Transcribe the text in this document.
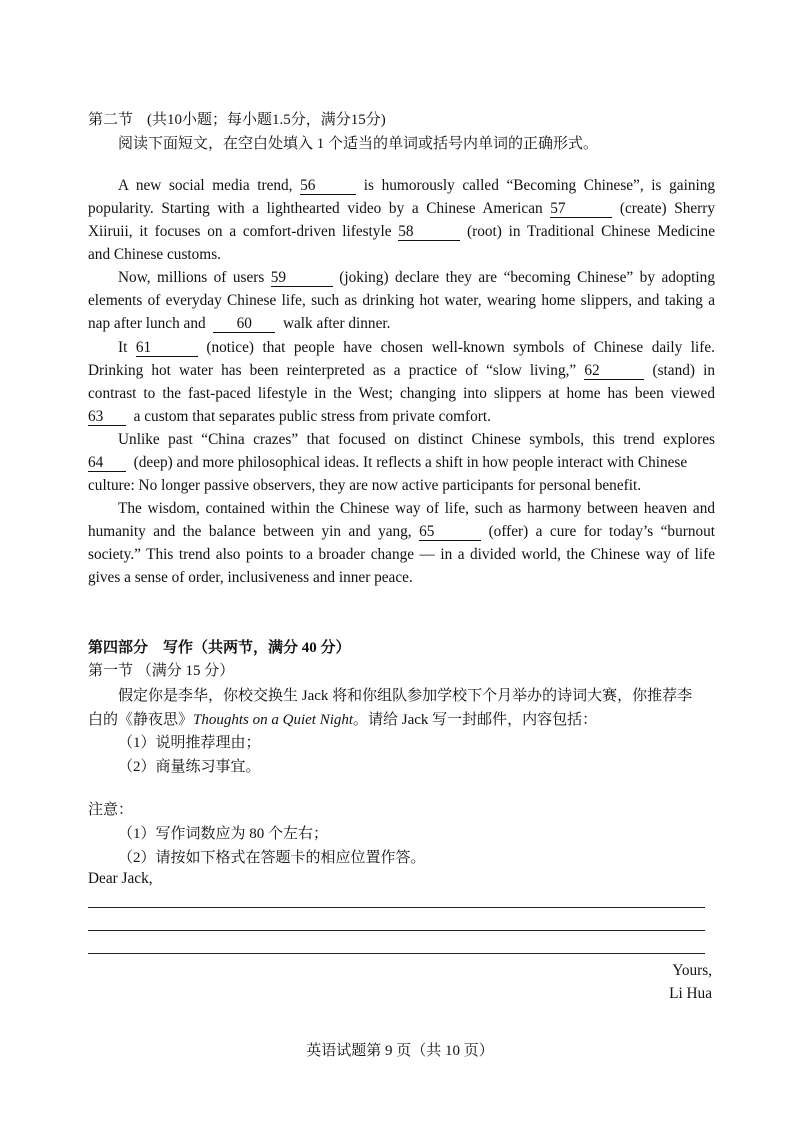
第二节 (共10小题；每小题1.5分，满分15分)
阅读下面短文，在空白处填入 1 个适当的单词或括号内单词的正确形式。
A new social media trend, 56	is humorously called “Becoming Chinese”, is gaining
popularity. Starting with a lighthearted video by a Chinese American 57	(create) Sherry
Xiiruii, it focuses on a comfort-driven lifestyle 58	(root) in Traditional Chinese Medicine
and Chinese customs.
Now, millions of users 59	(joking) declare they are “becoming Chinese” by adopting
elements of everyday Chinese life, such as drinking hot water, wearing home slippers, and taking a
nap after lunch and 60 walk after dinner.
It 61	(notice) that people have chosen well-known symbols of Chinese daily life.
Drinking hot water has been reinterpreted as a practice of “slow living,” 62	(stand) in
contrast to the fast-paced lifestyle in the West; changing into slippers at home has been viewed
63 a custom that separates public stress from private comfort.
Unlike past “China crazes” that focused on distinct Chinese symbols, this trend explores
64 (deep) and more philosophical ideas. It reflects a shift in how people interact with Chinese
culture: No longer passive observers, they are now active participants for personal benefit.
The wisdom, contained within the Chinese way of life, such as harmony between heaven and
humanity and the balance between yin and yang, 65	(offer) a cure for today’s “burnout
society.” This trend also points to a broader change — in a divided world, the Chinese way of life
gives a sense of order, inclusiveness and inner peace.
第四部分　写作（共两节，满分 40 分）
第一节 （满分 15 分）
假定你是李华，你校交换生 Jack 将和你组队参加学校下个月举办的诗词大赛，你推荐李
白的《静夜思》Thoughts on a Quiet Night。请给 Jack 写一封邮件，内容包括：
（1）说明推荐理由；
（2）商量练习事宜。
注意：
（1）写作词数应为 80 个左右；
（2）请按如下格式在答题卡的相应位置作答。
Dear Jack,
Yours,
Li Hua
英语试题第 9 页（共 10 页）
